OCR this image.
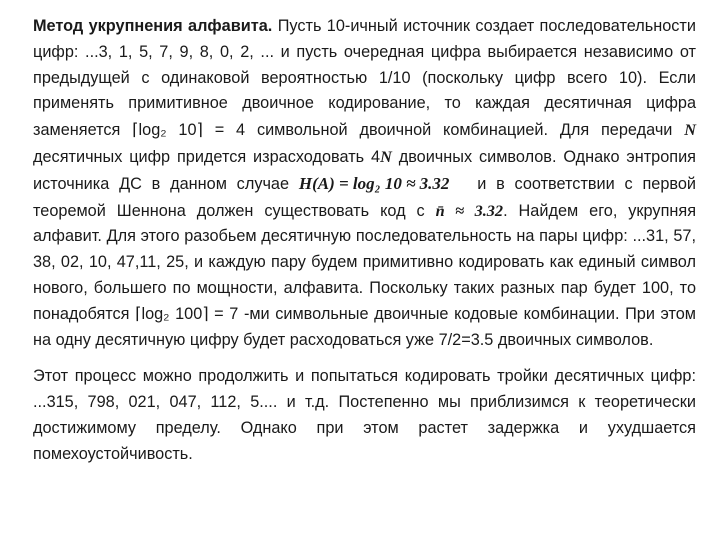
Метод укрупнения алфавита. Пусть 10-ичный источник создает последовательности цифр: ...3, 1, 5, 7, 9, 8, 0, 2, ... и пусть очередная цифра выбирается независимо от предыдущей с одинаковой вероятностью 1/10 (поскольку цифр всего 10). Если применять примитивное двоичное кодирование, то каждая десятичная цифра заменяется ⌈log₂ 10⌉ = 4 символьной двоичной комбинацией. Для передачи N десятичных цифр придется израсходовать 4N двоичных символов. Однако энтропия источника ДС в данном случае H(A) = log₂ 10 ≈ 3.32 и в соответствии с первой теоремой Шеннона должен существовать код с n̄ ≈ 3.32. Найдем его, укрупняя алфавит. Для этого разобьем десятичную последовательность на пары цифр: ...31, 57, 38, 02, 10, 47,11, 25, и каждую пару будем примитивно кодировать как единый символ нового, большего по мощности, алфавита. Поскольку таких разных пар будет 100, то понадобятся ⌈log₂ 100⌉ = 7 -ми символьные двоичные кодовые комбинации. При этом на одну десятичную цифру будет расходоваться уже 7/2=3.5 двоичных символов.

Этот процесс можно продолжить и попытаться кодировать тройки десятичных цифр: ...315, 798, 021, 047, 112, 5.... и т.д. Постепенно мы приблизимся к теоретически достижимому пределу. Однако при этом растет задержка и ухудшается помехоустойчивость.
